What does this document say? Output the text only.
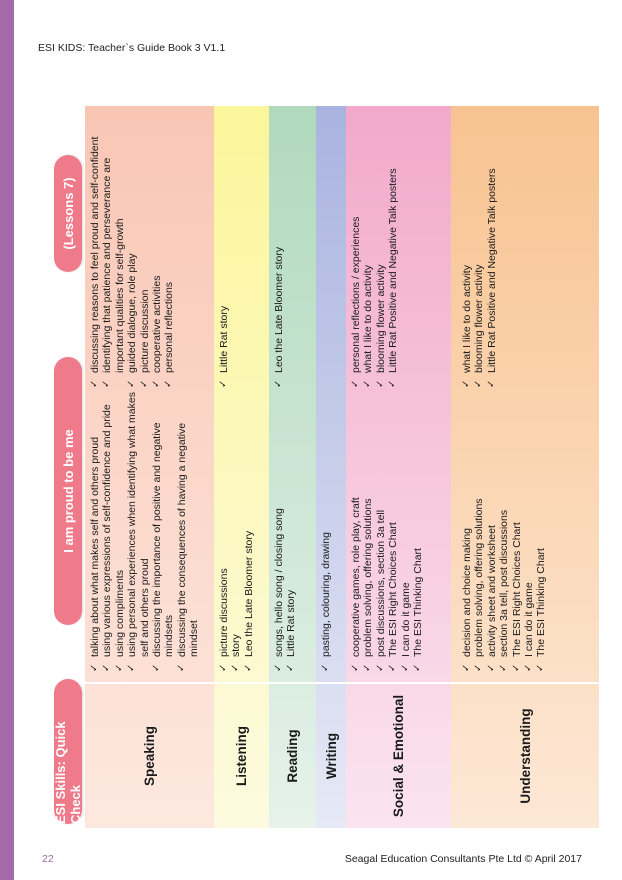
ESI KIDS: Teacher`s Guide Book 3 V1.1
ESI Skills: Quick Check
I am proud to be me
(Lessons 7)
Speaking
✓ talking about what makes self and others proud ✓ using various expressions of self-confidence and pride ✓ using compliments ✓ using personal experiences when identifying what makes self and others proud ✓ discussing the importance of positive and negative mindsets ✓ discussing the consequences of having a negative mindset
✓ discussing reasons to feel proud and self-confident ✓ identifying that patience and perseverance are important qualities for self-growth ✓ guided dialogue, role play ✓ picture discussion ✓ cooperative activities ✓ personal reflections
Listening
✓ picture discussions ✓ story ✓ Leo the Late Bloomer story
✓ Little Rat story
Reading
✓ songs, hello song / closing song ✓ Little Rat story
✓ Leo the Late Bloomer story
Writing
✓ pasting, colouring, drawing
Social & Emotional
✓ cooperative games, role play, craft ✓ problem solving, offering solutions ✓ post discussions, section 3a tell ✓ The ESI Right Choices Chart ✓ I can do it game ✓ The ESI Thinking Chart
✓ personal reflections / experiences ✓ what I like to do activity ✓ blooming flower activity ✓ Little Rat Positive and Negative Talk posters
Understanding
✓ decision and choice making ✓ problem solving, offering solutions ✓ activity sheet and worksheet ✓ section 3a tell, post discussions ✓ The ESI Right Choices Chart ✓ I can do it game ✓ The ESI Thinking Chart
✓ what I like to do activity ✓ blooming flower activity ✓ Little Rat Positive and Negative Talk posters
22	Seagal Education Consultants Pte Ltd © April 2017
